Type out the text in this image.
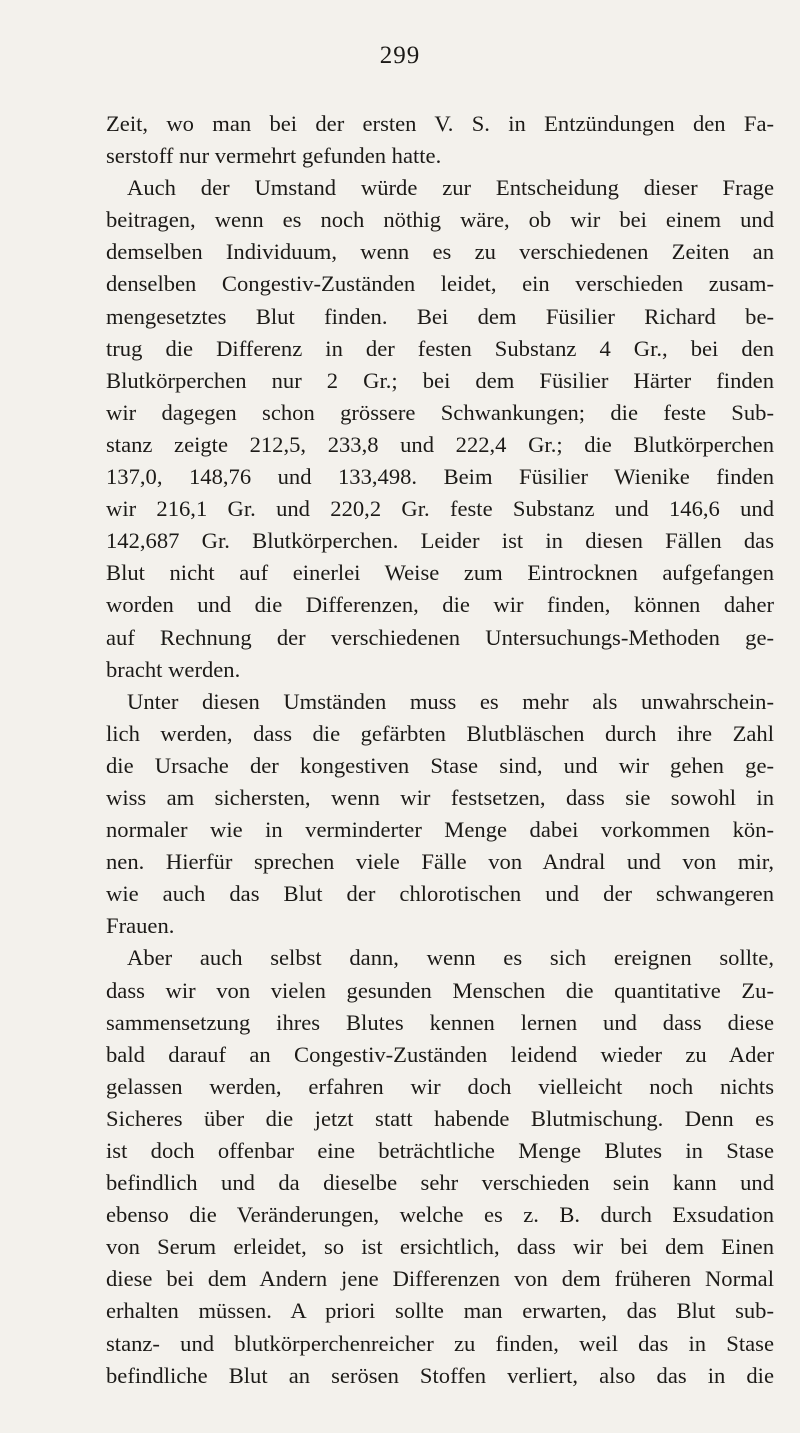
299
Zeit, wo man bei der ersten V. S. in Entzündungen den Fa-
serstoff nur vermehrt gefunden hatte.
Auch der Umstand würde zur Entscheidung dieser Frage
beitragen, wenn es noch nöthig wäre, ob wir bei einem und
demselben Individuum, wenn es zu verschiedenen Zeiten an
denselben Congestiv-Zuständen leidet, ein verschieden zusam-
mengesetztes Blut finden. Bei dem Füsilier Richard be-
trug die Differenz in der festen Substanz 4 Gr., bei den
Blutkörperchen nur 2 Gr.; bei dem Füsilier Härter finden
wir dagegen schon grössere Schwankungen; die feste Sub-
stanz zeigte 212,5, 233,8 und 222,4 Gr.; die Blutkörperchen
137,0, 148,76 und 133,498. Beim Füsilier Wienike finden
wir 216,1 Gr. und 220,2 Gr. feste Substanz und 146,6 und
142,687 Gr. Blutkörperchen. Leider ist in diesen Fällen das
Blut nicht auf einerlei Weise zum Eintrocknen aufgefangen
worden und die Differenzen, die wir finden, können daher
auf Rechnung der verschiedenen Untersuchungs-Methoden ge-
bracht werden.
Unter diesen Umständen muss es mehr als unwahrschein-
lich werden, dass die gefärbten Blutbläschen durch ihre Zahl
die Ursache der kongestiven Stase sind, und wir gehen ge-
wiss am sichersten, wenn wir festsetzen, dass sie sowohl in
normaler wie in verminderter Menge dabei vorkommen kön-
nen. Hierfür sprechen viele Fälle von Andral und von mir,
wie auch das Blut der chlorotischen und der schwangeren
Frauen.
Aber auch selbst dann, wenn es sich ereignen sollte,
dass wir von vielen gesunden Menschen die quantitative Zu-
sammensetzung ihres Blutes kennen lernen und dass diese
bald darauf an Congestiv-Zuständen leidend wieder zu Ader
gelassen werden, erfahren wir doch vielleicht noch nichts
Sicheres über die jetzt statt habende Blutmischung. Denn es
ist doch offenbar eine beträchtliche Menge Blutes in Stase
befindlich und da dieselbe sehr verschieden sein kann und
ebenso die Veränderungen, welche es z. B. durch Exsudation
von Serum erleidet, so ist ersichtlich, dass wir bei dem Einen
diese bei dem Andern jene Differenzen von dem früheren Normal
erhalten müssen. A priori sollte man erwarten, das Blut sub-
stanz- und blutkörperchenreicher zu finden, weil das in Stase
befindliche Blut an serösen Stoffen verliert, also das in die
